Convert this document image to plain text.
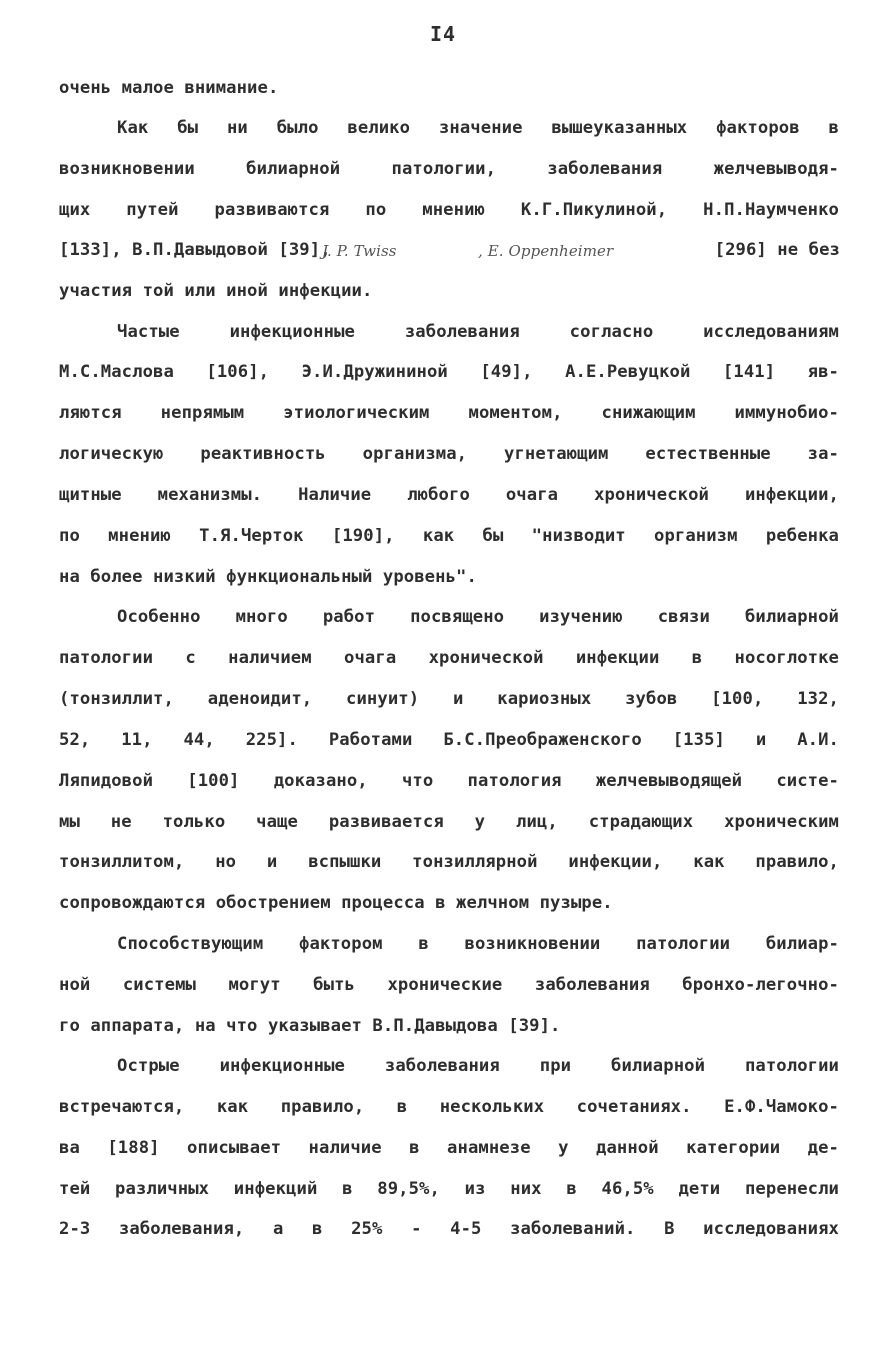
I4
очень малое внимание.
Как бы ни было велико значение вышеуказанных факторов в
возникновении билиарной патологии, заболевания желчевыводя-
щих путей развиваются по мнению К.Г.Пикулиной, Н.П.Наумченко
[133], В.П.Давыдовой [39],
J. P. Twiss	, E. Oppenheimer	[296] не без
участия той или иной инфекции.
Частые инфекционные заболевания согласно исследованиям
М.С.Маслова [106], Э.И.Дружининой [49], А.Е.Ревуцкой [141] яв-
ляются непрямым этиологическим моментом, снижающим иммунобио-
логическую реактивность организма, угнетающим естественные за-
щитные механизмы. Наличие любого очага хронической инфекции,
по мнению Т.Я.Черток [190], как бы "низводит организм ребенка
на более низкий функциональный уровень".
Особенно много работ посвящено изучению связи билиарной
патологии с наличием очага хронической инфекции в носоглотке
(тонзиллит, аденоидит, синуит) и кариозных зубов [100, 132,
52, 11, 44, 225]. Работами Б.С.Преображенского [135] и А.И.
Ляпидовой [100] доказано, что патология желчевыводящей систе-
мы не только чаще развивается у лиц, страдающих хроническим
тонзиллитом, но и вспышки тонзиллярной инфекции, как правило,
сопровождаются обострением процесса в желчном пузыре.
Способствующим фактором в возникновении патологии билиар-
ной системы могут быть хронические заболевания бронхо-легочно-
го аппарата, на что указывает В.П.Давыдова [39].
Острые инфекционные заболевания при билиарной патологии
встречаются, как правило, в нескольких сочетаниях. Е.Ф.Чамоко-
ва [188] описывает наличие в анамнезе у данной категории де-
тей различных инфекций в 89,5%, из них в 46,5% дети перенесли
2-3 заболевания, а в 25% - 4-5 заболеваний. В исследованиях
